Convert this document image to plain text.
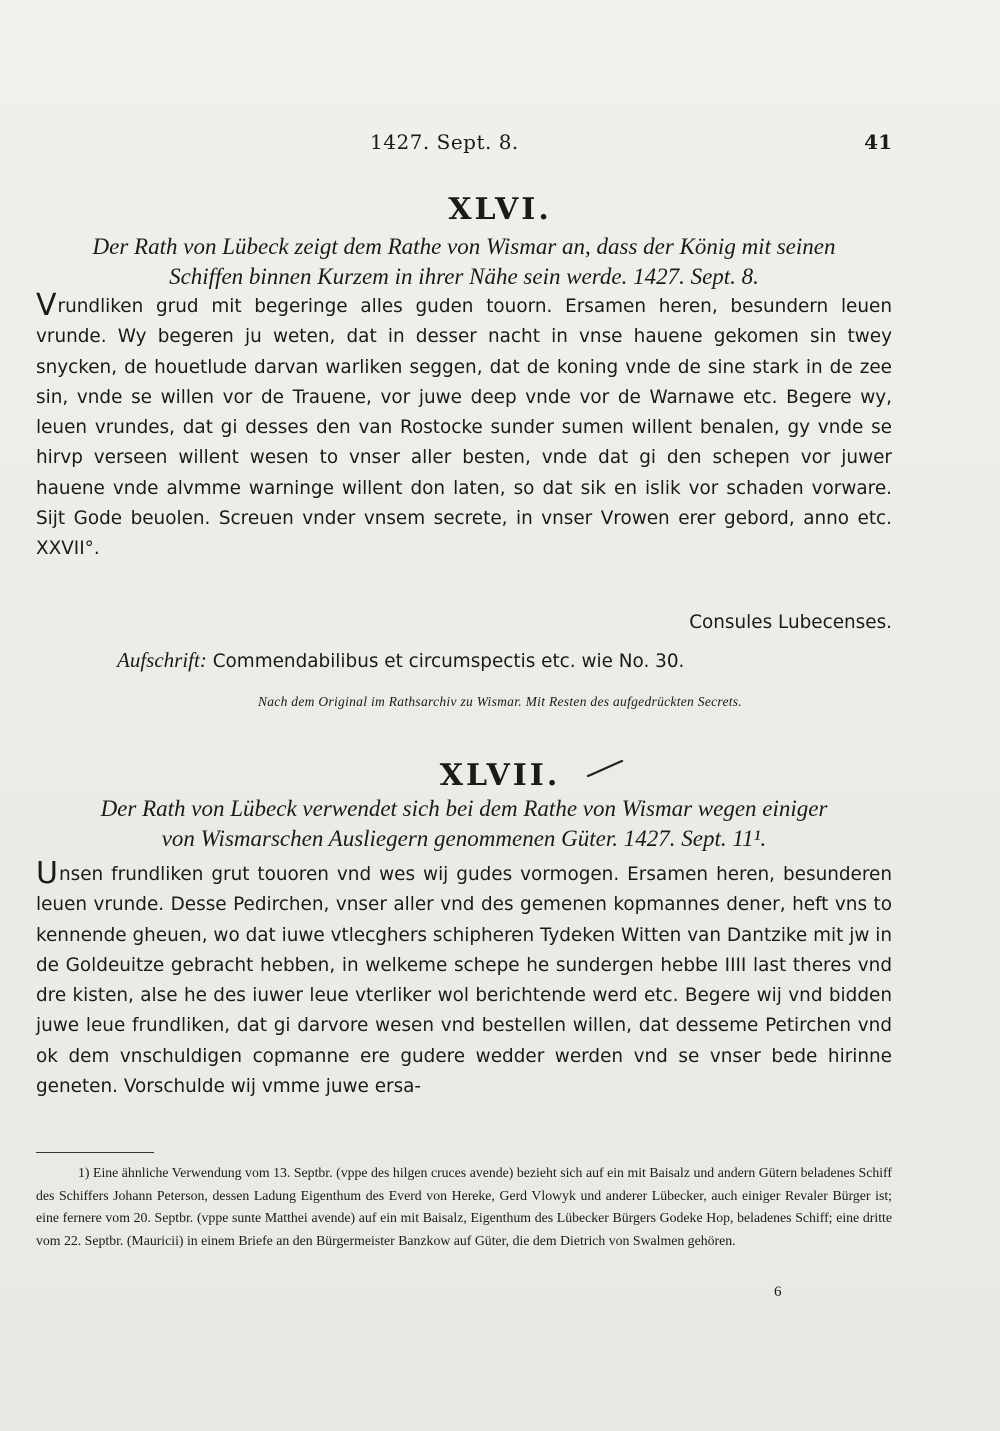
1427. Sept. 8.	41
XLVI.
Der Rath von Lübeck zeigt dem Rathe von Wismar an, dass der König mit seinen
Schiffen binnen Kurzem in ihrer Nähe sein werde. 1427. Sept. 8.

Vrundliken grud mit begeringe alles guden touorn. Ersamen heren, besundern leuen vrunde. Wy begeren ju weten, dat in desser nacht in vnse hauene gekomen sin twey snycken, de houetlude darvan warliken seggen, dat de koning vnde de sine stark in de zee sin, vnde se willen vor de Trauene, vor juwe deep vnde vor de Warnawe etc. Begere wy, leuen vrundes, dat gi desses den van Rostocke sunder sumen willent benalen, gy vnde se hirvp verseen willent wesen to vnser aller besten, vnde dat gi den schepen vor juwer hauene vnde alvmme warninge willent don laten, so dat sik en islik vor schaden vorware. Sijt Gode beuolen. Screuen vnder vnsem secrete, in vnser Vrowen erer gebord, anno etc. XXVII°.

Consules Lubecenses.
Aufschrift: Commendabilibus et circumspectis etc. wie No. 30.
Nach dem Original im Rathsarchiv zu Wismar. Mit Resten des aufgedrückten Secrets.
XLVII.
Der Rath von Lübeck verwendet sich bei dem Rathe von Wismar wegen einiger
von Wismarschen Ausliegern genommenen Güter. 1427. Sept. 11¹.

Unsen frundliken grut touoren vnd wes wij gudes vormogen. Ersamen heren, besunderen leuen vrunde. Desse Pedirchen, vnser aller vnd des gemenen kopmannes dener, heft vns to kennende gheuen, wo dat iuwe vtlecghers schipheren Tydeken Witten van Dantzike mit jw in de Goldeuitze gebracht hebben, in welkeme schepe he sundergen hebbe IIII last theres vnd dre kisten, alse he des iuwer leue vterliker wol berichtende werd etc. Begere wij vnd bidden juwe leue frundliken, dat gi darvore wesen vnd bestellen willen, dat desseme Petirchen vnd ok dem vnschuldigen copmanne ere gudere wedder werden vnd se vnser bede hirinne geneten. Vorschulde wij vmme juwe ersa-

1) Eine ähnliche Verwendung vom 13. Septbr. (vppe des hilgen cruces avende) bezieht sich auf ein mit Baisalz und andern Gütern beladenes Schiff des Schiffers Johann Peterson, dessen Ladung Eigenthum des Everd von Hereke, Gerd Vlowyk und anderer Lübecker, auch einiger Revaler Bürger ist; eine fernere vom 20. Septbr. (vppe sunte Matthei avende) auf ein mit Baisalz, Eigenthum des Lübecker Bürgers Godeke Hop, beladenes Schiff; eine dritte vom 22. Septbr. (Mauricii) in einem Briefe an den Bürgermeister Banzkow auf Güter, die dem Dietrich von Swalmen gehören.

6
